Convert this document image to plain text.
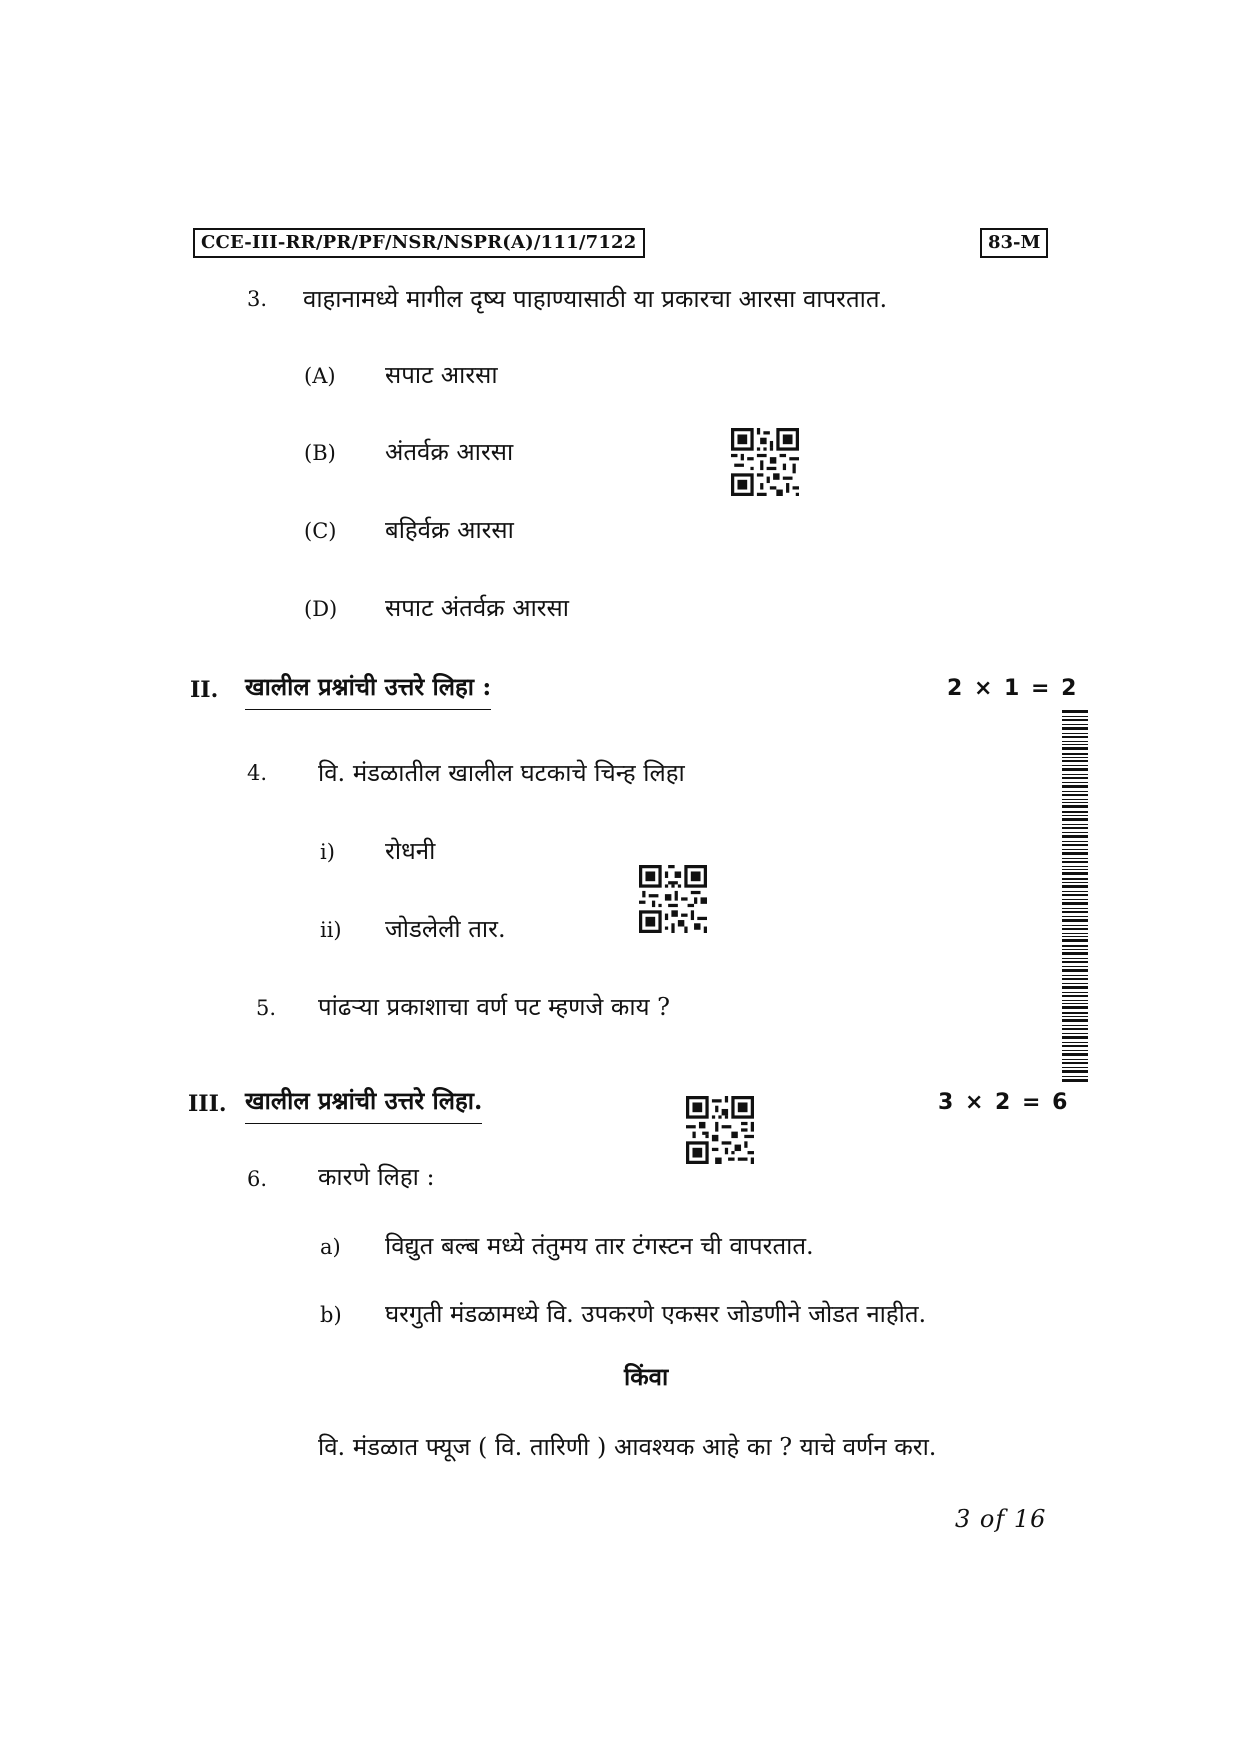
CCE-III-RR/PR/PF/NSR/NSPR(A)/111/7122	83-M
3. वाहानामध्ये मागील दृष्य पाहाण्यासाठी या प्रकारचा आरसा वापरतात.
(A) सपाट आरसा
(B) अंतर्वक्र आरसा
(C) बहिर्वक्र आरसा
(D) सपाट अंतर्वक्र आरसा
II. खालील प्रश्नांची उत्तरे लिहा :	2 × 1 = 2
4. वि. मंडळातील खालील घटकाचे चिन्ह लिहा
i) रोधनी
ii) जोडलेली तार.
5. पांढऱ्या प्रकाशाचा वर्ण पट म्हणजे काय ?
III. खालील प्रश्नांची उत्तरे लिहा.	3 × 2 = 6
6. कारणे लिहा :
a) विद्युत बल्ब मध्ये तंतुमय तार टंगस्टन ची वापरतात.
b) घरगुती मंडळामध्ये वि. उपकरणे एकसर जोडणीने जोडत नाहीत.
किंवा
वि. मंडळात फ्यूज ( वि. तारिणी ) आवश्यक आहे का ? याचे वर्णन करा.
3 of 16
